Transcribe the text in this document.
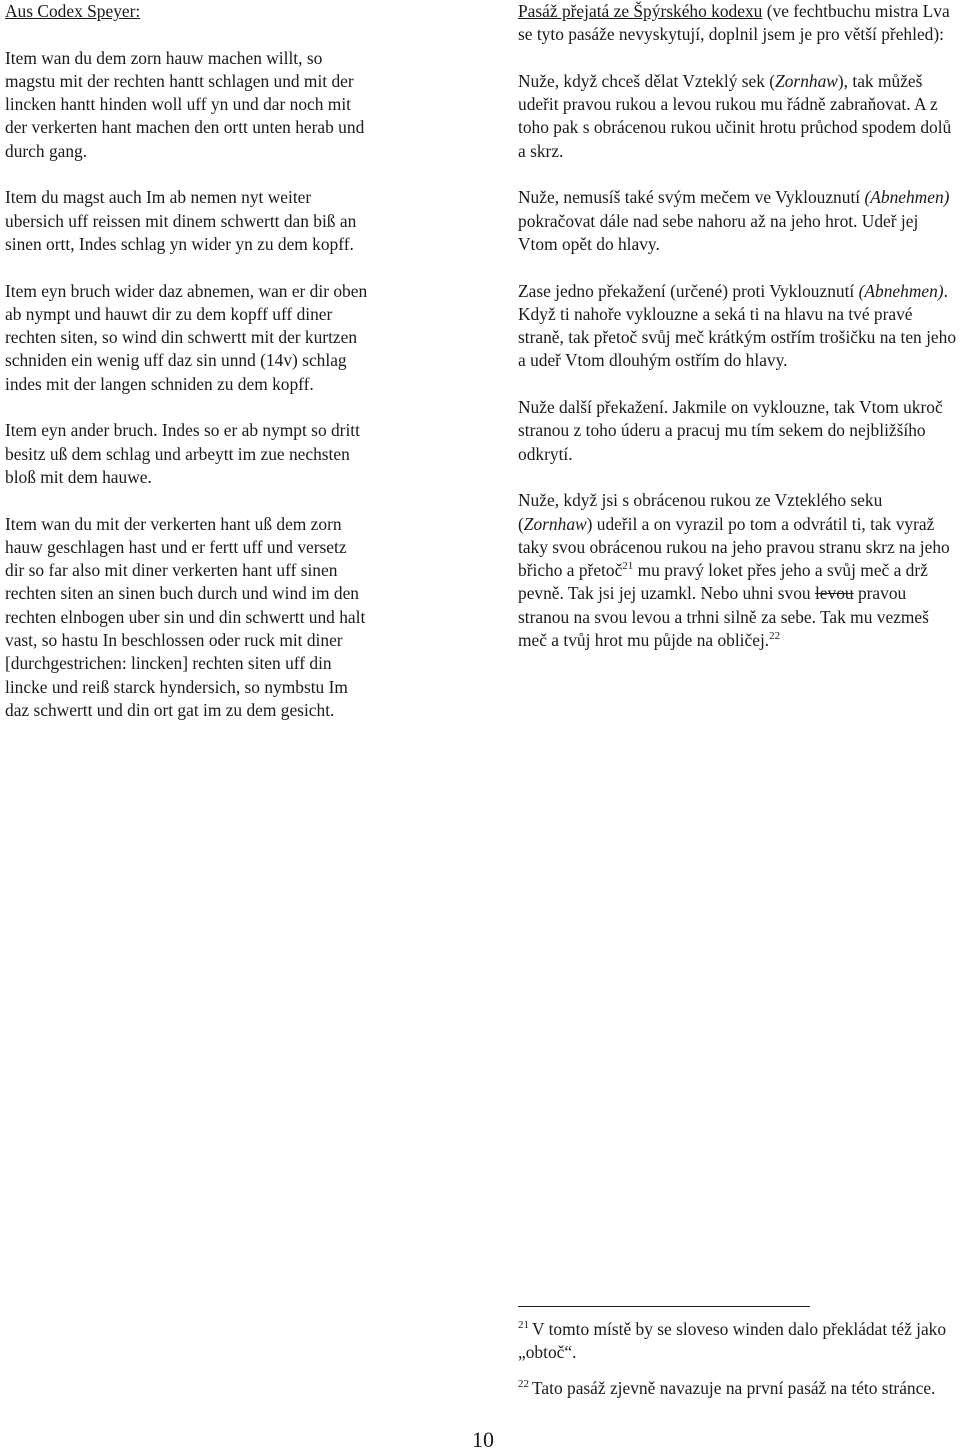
Aus Codex Speyer:

Item wan du dem zorn hauw machen willt, so magstu mit der rechten hantt schlagen und mit der lincken hantt hinden woll uff yn und dar noch mit der verkerten hant machen den ortt unten herab und durch gang.

Item du magst auch Im ab nemen nyt weiter ubersich uff reissen mit dinem schwertt dan biß an sinen ortt, Indes schlag yn wider yn zu dem kopff.

Item eyn bruch wider daz abnemen, wan er dir oben ab nympt und hauwt dir zu dem kopff uff diner rechten siten, so wind din schwertt mit der kurtzen schniden ein wenig uff daz sin unnd (14v) schlag indes mit der langen schniden zu dem kopff.

Item eyn ander bruch. Indes so er ab nympt so dritt besitz uß dem schlag und arbeytt im zue nechsten bloß mit dem hauwe.

Item wan du mit der verkerten hant uß dem zorn hauw geschlagen hast und er fertt uff und versetz dir so far also mit diner verkerten hant uff sinen rechten siten an sinen buch durch und wind im den rechten elnbogen uber sin und din schwertt und halt vast, so hastu In beschlossen oder ruck mit diner [durchgestrichen: lincken] rechten siten uff din lincke und reiß starck hyndersich, so nymbstu Im daz schwertt und din ort gat im zu dem gesicht.

Pasáž přejatá ze Špýrského kodexu (ve fechtbuchu mistra Lva se tyto pasáže nevyskytují, doplnil jsem je pro větší přehled):

Nuže, když chceš dělat Vzteklý sek (Zornhaw), tak můžeš udeřit pravou rukou a levou rukou mu řádně zabraňovat. A z toho pak s obrácenou rukou učinit hrotu průchod spodem dolů a skrz.

Nuže, nemusíš také svým mečem ve Vyklouznutí (Abnehmen) pokračovat dále nad sebe nahoru až na jeho hrot. Udeř jej Vtom opět do hlavy.

Zase jedno překažení (určené) proti Vyklouznutí (Abnehmen). Když ti nahoře vyklouzne a seká ti na hlavu na tvé pravé straně, tak přetoč svůj meč krátkým ostřím trošičku na ten jeho a udeř Vtom dlouhým ostřím do hlavy.

Nuže další překažení. Jakmile on vyklouzne, tak Vtom ukroč stranou z toho úderu a pracuj mu tím sekem do nejbližšího odkrytí.

Nuže, když jsi s obrácenou rukou ze Vzteklého seku (Zornhaw) udeřil a on vyrazil po tom a odvrátil ti, tak vyraž taky svou obrácenou rukou na jeho pravou stranu skrz na jeho břicho a přetoč$^{21}$ mu pravý loket přes jeho a svůj meč a drž pevně. Tak jsi jej uzamkl. Nebo uhni svou levou pravou stranou na svou levou a trhni silně za sebe. Tak mu vezmeš meč a tvůj hrot mu půjde na obličej.$^{22}$

$^{21}$ V tomto místě by se sloveso winden dalo překládat též jako „obtoč“.

$^{22}$ Tato pasáž zjevně navazuje na první pasáž na této stránce.

10
